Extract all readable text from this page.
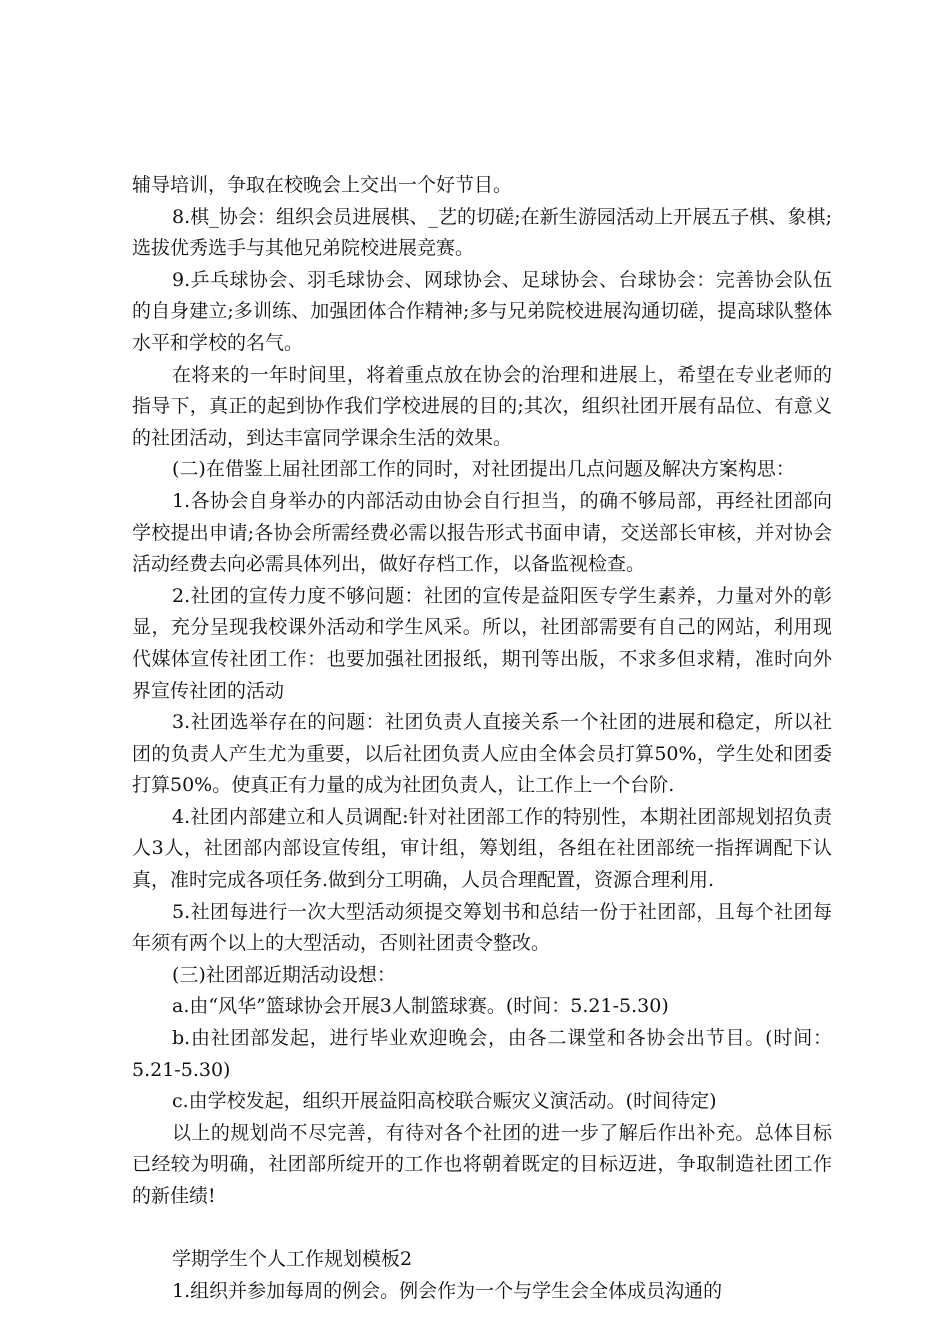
辅导培训，争取在校晚会上交出一个好节目。

8.棋_协会：组织会员进展棋、_艺的切磋;在新生游园活动上开展五子棋、象棋;选拔优秀选手与其他兄弟院校进展竞赛。

9.乒乓球协会、羽毛球协会、网球协会、足球协会、台球协会：完善协会队伍的自身建立;多训练、加强团体合作精神;多与兄弟院校进展沟通切磋，提高球队整体水平和学校的名气。

在将来的一年时间里，将着重点放在协会的治理和进展上，希望在专业老师的指导下，真正的起到协作我们学校进展的目的;其次，组织社团开展有品位、有意义的社团活动，到达丰富同学课余生活的效果。

(二)在借鉴上届社团部工作的同时，对社团提出几点问题及解决方案构思：

1.各协会自身举办的内部活动由协会自行担当，的确不够局部，再经社团部向学校提出申请;各协会所需经费必需以报告形式书面申请，交送部长审核，并对协会活动经费去向必需具体列出，做好存档工作，以备监视检查。

2.社团的宣传力度不够问题：社团的宣传是益阳医专学生素养，力量对外的彰显，充分呈现我校课外活动和学生风采。所以，社团部需要有自己的网站，利用现代媒体宣传社团工作：也要加强社团报纸，期刊等出版，不求多但求精，准时向外界宣传社团的活动

3.社团选举存在的问题：社团负责人直接关系一个社团的进展和稳定，所以社团的负责人产生尤为重要，以后社团负责人应由全体会员打算50%，学生处和团委打算50%。使真正有力量的成为社团负责人，让工作上一个台阶.

4.社团内部建立和人员调配:针对社团部工作的特别性，本期社团部规划招负责人3人，社团部内部设宣传组，审计组，筹划组，各组在社团部统一指挥调配下认真，准时完成各项任务.做到分工明确，人员合理配置，资源合理利用.

5.社团每进行一次大型活动须提交筹划书和总结一份于社团部，且每个社团每年须有两个以上的大型活动，否则社团责令整改。

(三)社团部近期活动设想：

a.由“风华”篮球协会开展3人制篮球赛。(时间：5.21-5.30)

b.由社团部发起，进行毕业欢迎晚会，由各二课堂和各协会出节目。(时间：5.21-5.30)

c.由学校发起，组织开展益阳高校联合赈灾义演活动。(时间待定)

以上的规划尚不尽完善，有待对各个社团的进一步了解后作出补充。总体目标已经较为明确，社团部所绽开的工作也将朝着既定的目标迈进，争取制造社团工作的新佳绩!

学期学生个人工作规划模板2

1.组织并参加每周的例会。例会作为一个与学生会全体成员沟通的
